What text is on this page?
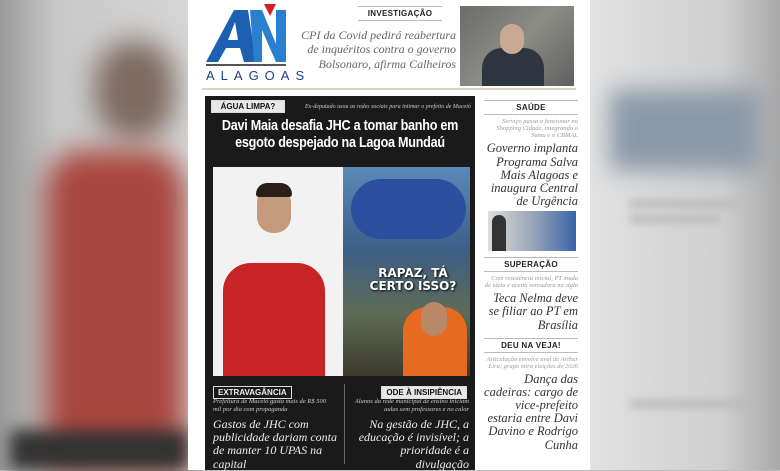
ALAGOAS
INVESTIGAÇÃO
CPI da Covid pedirá reabertura de inquéritos contra o governo Bolsonaro, afirma Calheiros
ÁGUA LIMPA?	Ex-deputado usou as redes sociais para intimar o prefeito de Maceió
Davi Maia desafia JHC a tomar banho em esgoto despejado na Lagoa Mundaú
RAPAZ, TÁ CERTO ISSO?
EXTRAVAGÂNCIA
Prefeitura de Maceió gasta mais de R$ 500 mil por dia com propaganda
Gastos de JHC com publicidade dariam conta de manter 10 UPAS na capital
ODE À INSIPIÊNCIA
Alunos da rede municipal de ensino iniciam aulas sem professores e no calor
Na gestão de JHC, a educação é invisível; a prioridade é a divulgação
SAÚDE
Serviço passa a funcionar no Shopping Cidade, integrando o Samu e o CBMAL
Governo implanta Programa Salva Mais Alagoas e inaugura Central de Urgência
SUPERAÇÃO
Com resistência inicial, PT muda de ideia e aceita vereadora na sigla
Teca Nelma deve se filiar ao PT em Brasília
DEU NA VEJA!
Articulação envolve aval de Arthur Lira; grupo mira eleições de 2026
Dança das cadeiras: cargo de vice-prefeito estaria entre Davi Davino e Rodrigo Cunha
